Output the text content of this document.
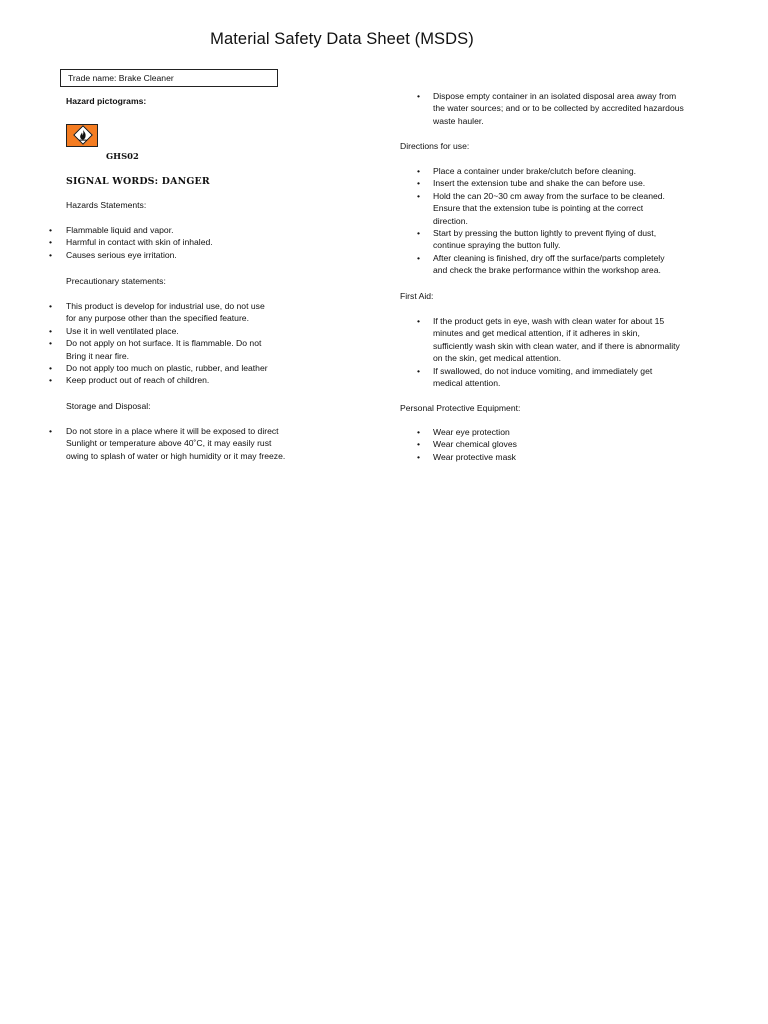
Material Safety Data Sheet (MSDS)
Trade name: Brake Cleaner
Hazard pictograms:
GHS02
SIGNAL WORDS: DANGER
Hazards Statements:
• Flammable liquid and vapor.
• Harmful in contact with skin of inhaled.
• Causes serious eye irritation.
Precautionary statements:
• This product is develop for industrial use, do not use
for any purpose other than the specified feature.
• Use it in well ventilated place.
• Do not apply on hot surface. It is flammable. Do not
Bring it near fire.
• Do not apply too much on plastic, rubber, and leather
• Keep product out of reach of children.
Storage and Disposal:
• Do not store in a place where it will be exposed to direct
Sunlight or temperature above 40˚C, it may easily rust
owing to splash of water or high humidity or it may freeze.
• Dispose empty container in an isolated disposal area away from
the water sources; and or to be collected by accredited hazardous
waste hauler.
Directions for use:
• Place a container under brake/clutch before cleaning.
• Insert the extension tube and shake the can before use.
• Hold the can 20~30 cm away from the surface to be cleaned.
Ensure that the extension tube is pointing at the correct
direction.
• Start by pressing the button lightly to prevent flying of dust,
continue spraying the button fully.
• After cleaning is finished, dry off the surface/parts completely
and check the brake performance within the workshop area.
First Aid:
• If the product gets in eye, wash with clean water for about 15
minutes and get medical attention, if it adheres in skin,
sufficiently wash skin with clean water, and if there is abnormality
on the skin, get medical attention.
• If swallowed, do not induce vomiting, and immediately get
medical attention.
Personal Protective Equipment:
• Wear eye protection
• Wear chemical gloves
• Wear protective mask
